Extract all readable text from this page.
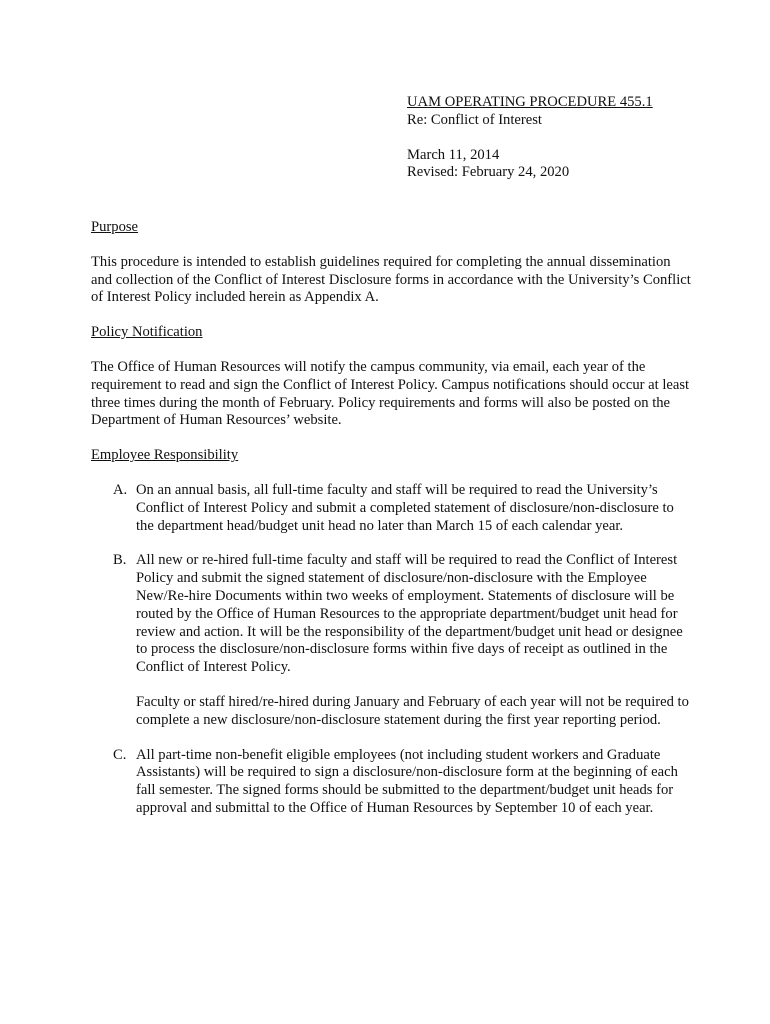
UAM OPERATING PROCEDURE 455.1
Re: Conflict of Interest
March 11, 2014
Revised: February 24, 2020
Purpose

This procedure is intended to establish guidelines required for completing the annual dissemination and collection of the Conflict of Interest Disclosure forms in accordance with the University’s Conflict of Interest Policy included herein as Appendix A.

Policy Notification

The Office of Human Resources will notify the campus community, via email, each year of the requirement to read and sign the Conflict of Interest Policy. Campus notifications should occur at least three times during the month of February. Policy requirements and forms will also be posted on the Department of Human Resources’ website.

Employee Responsibility
A. On an annual basis, all full-time faculty and staff will be required to read the University’s Conflict of Interest Policy and submit a completed statement of disclosure/non-disclosure to the department head/budget unit head no later than March 15 of each calendar year.
B. All new or re-hired full-time faculty and staff will be required to read the Conflict of Interest Policy and submit the signed statement of disclosure/non-disclosure with the Employee New/Re-hire Documents within two weeks of employment. Statements of disclosure will be routed by the Office of Human Resources to the appropriate department/budget unit head for review and action. It will be the responsibility of the department/budget unit head or designee to process the disclosure/non-disclosure forms within five days of receipt as outlined in the Conflict of Interest Policy.

Faculty or staff hired/re-hired during January and February of each year will not be required to complete a new disclosure/non-disclosure statement during the first year reporting period.

C. All part-time non-benefit eligible employees (not including student workers and Graduate Assistants) will be required to sign a disclosure/non-disclosure form at the beginning of each fall semester. The signed forms should be submitted to the department/budget unit heads for approval and submittal to the Office of Human Resources by September 10 of each year.
